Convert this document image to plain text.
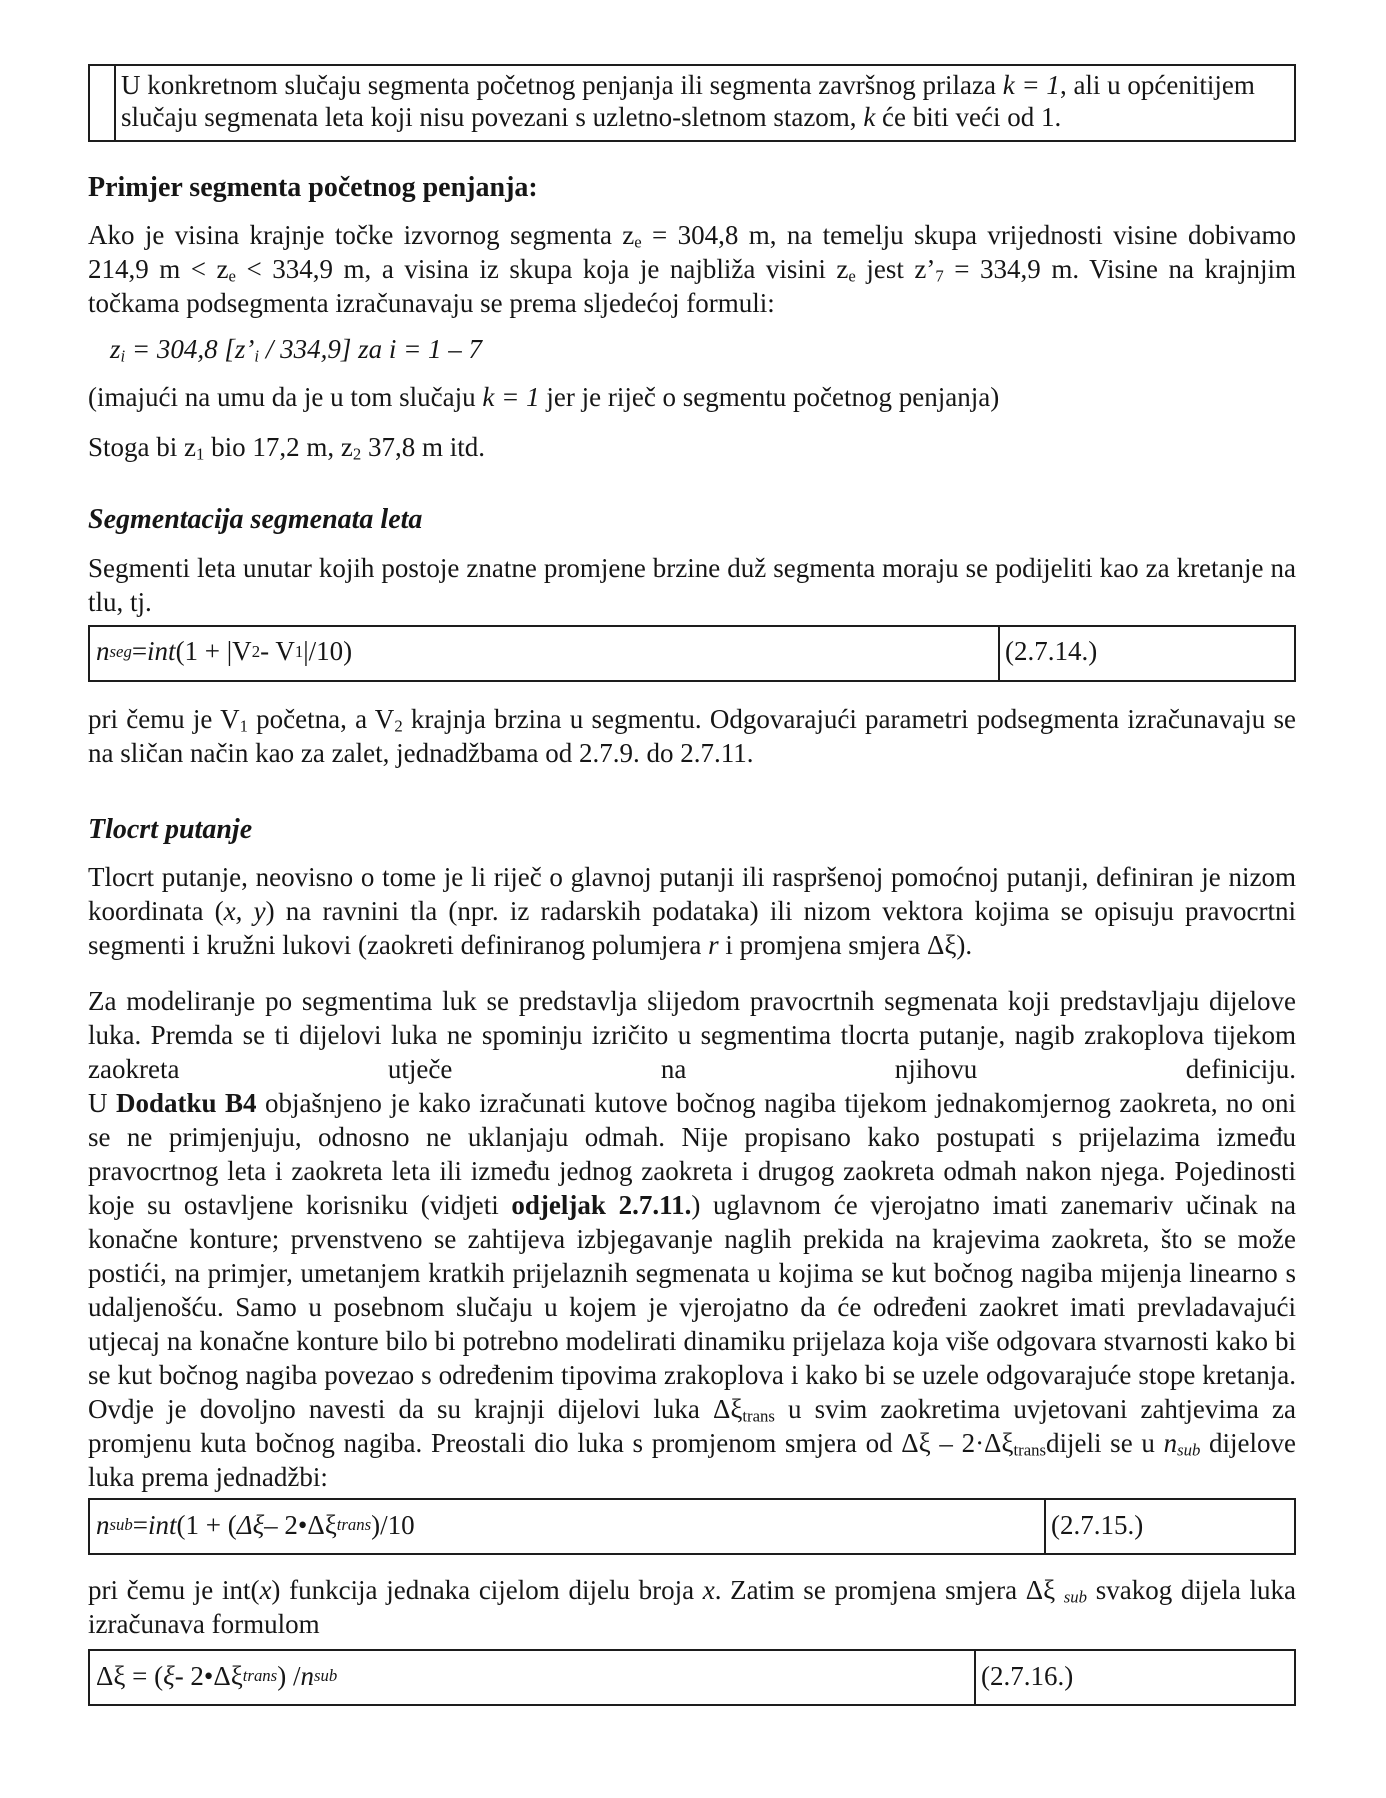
U konkretnom slučaju segmenta početnog penjanja ili segmenta završnog prilaza k = 1, ali u općenitijem slučaju segmenata leta koji nisu povezani s uzletno-sletnom stazom, k će biti veći od 1.
Primjer segmenta početnog penjanja:
Ako je visina krajnje točke izvornog segmenta ze = 304,8 m, na temelju skupa vrijednosti visine dobivamo 214,9 m < ze < 334,9 m, a visina iz skupa koja je najbliža visini ze jest z’7 = 334,9 m. Visine na krajnjim točkama podsegmenta izračunavaju se prema sljedećoj formuli:
zi = 304,8 [z’i / 334,9] za i = 1 – 7
(imajući na umu da je u tom slučaju k = 1 jer je riječ o segmentu početnog penjanja)
Stoga bi z1 bio 17,2 m, z2 37,8 m itd.
Segmentacija segmenata leta
Segmenti leta unutar kojih postoje znatne promjene brzine duž segmenta moraju se podijeliti kao za kretanje na tlu, tj.
n seg = int (1 + |V 2 - V 1 |/10)	(2.7.14.)
pri čemu je V1 početna, a V2 krajnja brzina u segmentu. Odgovarajući parametri podsegmenta izračunavaju se na sličan način kao za zalet, jednadžbama od 2.7.9. do 2.7.11.
Tlocrt putanje
Tlocrt putanje, neovisno o tome je li riječ o glavnoj putanji ili raspršenoj pomoćnoj putanji, definiran je nizom koordinata (x, y) na ravnini tla (npr. iz radarskih podataka) ili nizom vektora kojima se opisuju pravocrtni segmenti i kružni lukovi (zaokreti definiranog polumjera r i promjena smjera Δξ).
Za modeliranje po segmentima luk se predstavlja slijedom pravocrtnih segmenata koji predstavljaju dijelove luka. Premda se ti dijelovi luka ne spominju izričito u segmentima tlocrta putanje, nagib zrakoplova tijekom zaokreta utječe na njihovu definiciju.
U Dodatku B4 objašnjeno je kako izračunati kutove bočnog nagiba tijekom jednakomjernog zaokreta, no oni se ne primjenjuju, odnosno ne uklanjaju odmah. Nije propisano kako postupati s prijelazima između pravocrtnog leta i zaokreta leta ili između jednog zaokreta i drugog zaokreta odmah nakon njega. Pojedinosti koje su ostavljene korisniku (vidjeti odjeljak 2.7.11.) uglavnom će vjerojatno imati zanemariv učinak na konačne konture; prvenstveno se zahtijeva izbjegavanje naglih prekida na krajevima zaokreta, što se može postići, na primjer, umetanjem kratkih prijelaznih segmenata u kojima se kut bočnog nagiba mijenja linearno s udaljenošću. Samo u posebnom slučaju u kojem je vjerojatno da će određeni zaokret imati prevladavajući utjecaj na konačne konture bilo bi potrebno modelirati dinamiku prijelaza koja više odgovara stvarnosti kako bi se kut bočnog nagiba povezao s određenim tipovima zrakoplova i kako bi se uzele odgovarajuće stope kretanja. Ovdje je dovoljno navesti da su krajnji dijelovi luka Δξtrans u svim zaokretima uvjetovani zahtjevima za promjenu kuta bočnog nagiba. Preostali dio luka s promjenom smjera od Δξ – 2·Δξtransdijeli se u nsub dijelove luka prema jednadžbi:
n sub = int (1 + ( Δξ – 2•Δξ trans )/10	(2.7.15.)
pri čemu je int(x) funkcija jednaka cijelom dijelu broja x. Zatim se promjena smjera Δξ sub svakog dijela luka izračunava formulom
Δξ = ( ξ - 2•Δξ trans ) / n sub	(2.7.16.)
